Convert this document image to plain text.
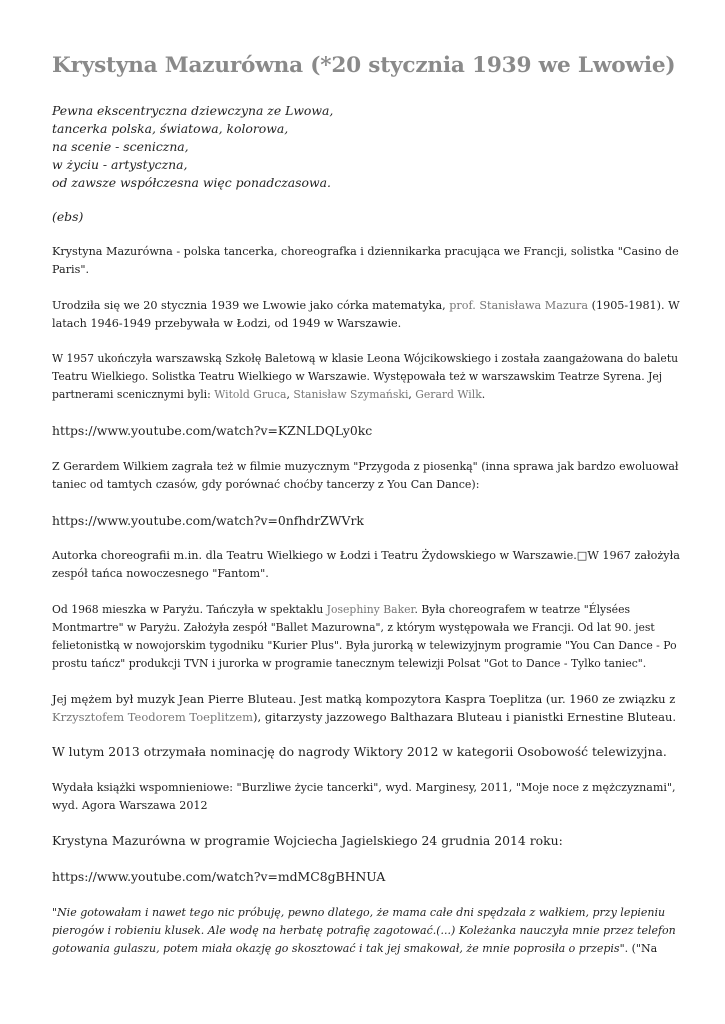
Krystyna Mazurówna (*20 stycznia 1939 we Lwowie)
Pewna ekscentryczna dziewczyna ze Lwowa,
tancerka polska, światowa, kolorowa,
na scenie - sceniczna,
w życiu - artystyczna,
od zawsze współczesna więc ponadczasowa.
(ebs)
Krystyna Mazurówna - polska tancerka, choreografka i dziennikarka pracująca we Francji, solistka "Casino de
Paris".
Urodziła się we 20 stycznia 1939 we Lwowie jako córka matematyka, prof. Stanisława Mazura (1905-1981). W
latach 1946-1949 przebywała w Łodzi, od 1949 w Warszawie.
W 1957 ukończyła warszawską Szkołę Baletową w klasie Leona Wójcikowskiego i została zaangażowana do baletu
Teatru Wielkiego. Solistka Teatru Wielkiego w Warszawie. Występowała też w warszawskim Teatrze Syrena. Jej
partnerami scenicznymi byli: Witold Gruca, Stanisław Szymański, Gerard Wilk.
https://www.youtube.com/watch?v=KZNLDQLy0kc
Z Gerardem Wilkiem zagrała też w filmie muzycznym "Przygoda z piosenką" (inna sprawa jak bardzo ewoluował
taniec od tamtych czasów, gdy porównać choćby tancerzy z You Can Dance):
https://www.youtube.com/watch?v=0nfhdrZWVrk
Autorka choreografii m.in. dla Teatru Wielkiego w Łodzi i Teatru Żydowskiego w Warszawie.□W 1967 założyła
zespół tańca nowoczesnego "Fantom".
Od 1968 mieszka w Paryżu. Tańczyła w spektaklu Josephiny Baker. Była choreografem w teatrze "Élysées
Montmartre" w Paryżu. Założyła zespół "Ballet Mazurowna", z którym występowała we Francji. Od lat 90. jest
felietonistką w nowojorskim tygodniku "Kurier Plus". Była jurorką w telewizyjnym programie "You Can Dance - Po
prostu tańcz" produkcji TVN i jurorka w programie tanecznym telewizji Polsat "Got to Dance - Tylko taniec".
Jej mężem był muzyk Jean Pierre Bluteau. Jest matką kompozytora Kaspra Toeplitza (ur. 1960 ze związku z
Krzysztofem Teodorem Toeplitzem), gitarzysty jazzowego Balthazara Bluteau i pianistki Ernestine Bluteau.
W lutym 2013 otrzymała nominację do nagrody Wiktory 2012 w kategorii Osobowość telewizyjna.
Wydała książki wspomnieniowe: "Burzliwe życie tancerki", wyd. Marginesy, 2011, "Moje noce z mężczyznami",
wyd. Agora Warszawa 2012
Krystyna Mazurówna w programie Wojciecha Jagielskiego 24 grudnia 2014 roku:
https://www.youtube.com/watch?v=mdMC8gBHNUA
"Nie gotowałam i nawet tego nic próbuję, pewno dlatego, że mama całe dni spędzała z wałkiem, przy lepieniu
pierogów i robieniu klusek. Ale wodę na herbatę potrafię zagotować.(...) Koleżanka nauczyła mnie przez telefon
gotowania gulaszu, potem miała okazję go skosztować i tak jej smakował, że mnie poprosiła o przepis". ("Na
